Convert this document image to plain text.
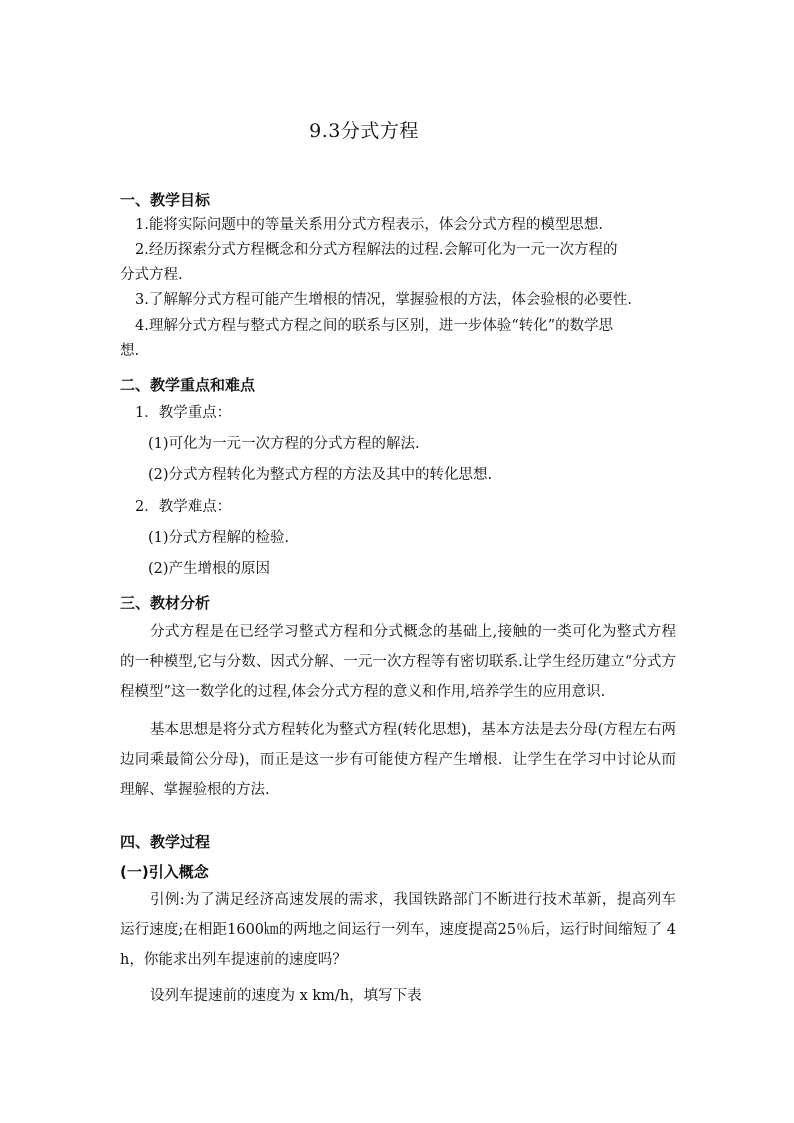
9.3分式方程
一、教学目标
1.能将实际问题中的等量关系用分式方程表示，体会分式方程的模型思想.
2.经历探索分式方程概念和分式方程解法的过程.会解可化为一元一次方程的
分式方程.
3.了解解分式方程可能产生增根的情况，掌握验根的方法，体会验根的必要性.
4.理解分式方程与整式方程之间的联系与区别，进一步体验“转化”的数学思
想.
二、教学重点和难点
1．教学重点：
(1)可化为一元一次方程的分式方程的解法.
(2)分式方程转化为整式方程的方法及其中的转化思想.
2．教学难点：
(1)分式方程解的检验.
(2)产生增根的原因
三、教材分析
分式方程是在已经学习整式方程和分式概念的基础上,接触的一类可化为整式方程的一种模型,它与分数、因式分解、一元一次方程等有密切联系.让学生经历建立“分式方程模型”这一数学化的过程,体会分式方程的意义和作用,培养学生的应用意识.
基本思想是将分式方程转化为整式方程(转化思想)，基本方法是去分母(方程左右两边同乘最简公分母)，而正是这一步有可能使方程产生增根．让学生在学习中讨论从而理解、掌握验根的方法.
四、教学过程
(一)引入概念
引例:为了满足经济高速发展的需求，我国铁路部门不断进行技术革新，提高列车运行速度;在相距1600㎞的两地之间运行一列车，速度提高25％后，运行时间缩短了 4 h，你能求出列车提速前的速度吗？
设列车提速前的速度为 x km/h，填写下表
